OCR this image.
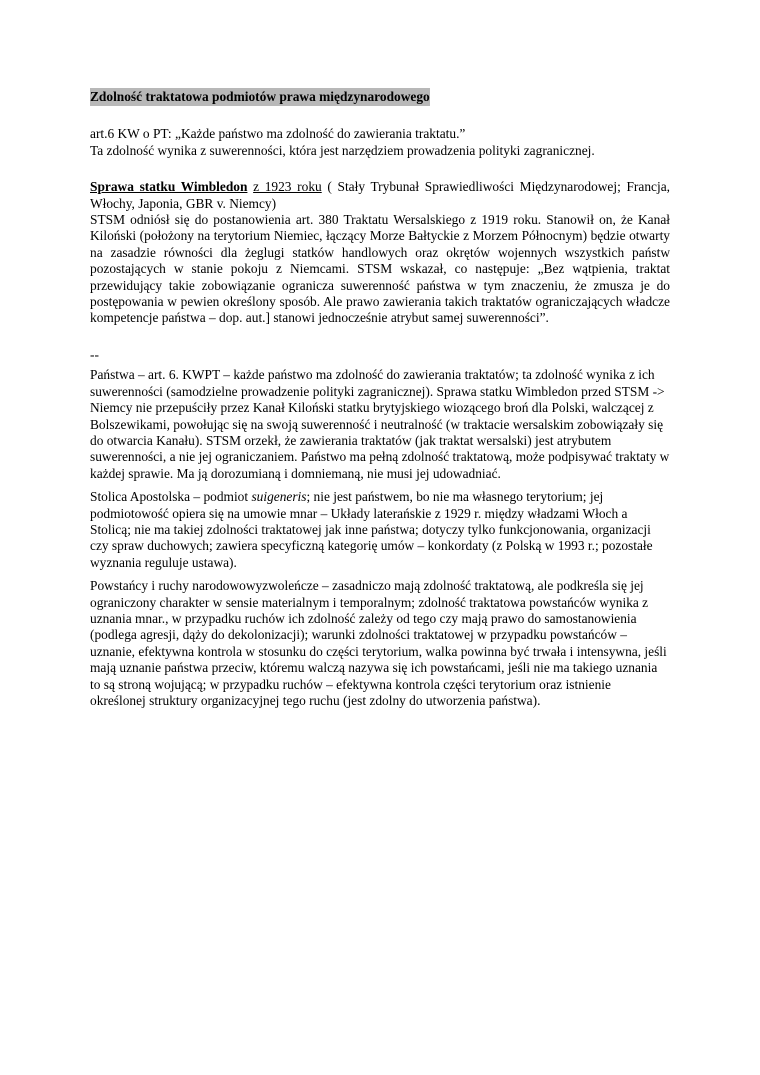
Zdolność traktatowa podmiotów prawa międzynarodowego
art.6 KW o PT: „Każde państwo ma zdolność do zawierania traktatu.”
Ta zdolność wynika z suwerenności, która jest narzędziem prowadzenia polityki zagranicznej.
Sprawa statku Wimbledon z 1923 roku ( Stały Trybunał Sprawiedliwości Międzynarodowej; Francja, Włochy, Japonia, GBR v. Niemcy)
STSM odniósł się do postanowienia art. 380 Traktatu Wersalskiego z 1919 roku. Stanowił on, że Kanał Kiloński (położony na terytorium Niemiec, łączący Morze Bałtyckie z Morzem Północnym) będzie otwarty na zasadzie równości dla żeglugi statków handlowych oraz okrętów wojennych wszystkich państw pozostających w stanie pokoju z Niemcami. STSM wskazał, co następuje: „Bez wątpienia, traktat przewidujący takie zobowiązanie ogranicza suwerenność państwa w tym znaczeniu, że zmusza je do postępowania w pewien określony sposób. Ale prawo zawierania takich traktatów ograniczających władcze kompetencje państwa – dop. aut.] stanowi jednocześnie atrybut samej suwerenności”.
--

Państwa – art. 6. KWPT – każde państwo ma zdolność do zawierania traktatów; ta zdolność wynika z ich suwerenności (samodzielne prowadzenie polityki zagranicznej). Sprawa statku Wimbledon przed STSM -> Niemcy nie przepuściły przez Kanał Kiloński statku brytyjskiego wiozącego broń dla Polski, walczącej z Bolszewikami, powołując się na swoją suwerenność i neutralność (w traktacie wersalskim zobowiązały się do otwarcia Kanału). STSM orzekł, że zawierania traktatów (jak traktat wersalski) jest atrybutem suwerenności, a nie jej ograniczaniem. Państwo ma pełną zdolność traktatową, może podpisywać traktaty w każdej sprawie. Ma ją dorozumianą i domniemaną, nie musi jej udowadniać.

Stolica Apostolska – podmiot suigeneris; nie jest państwem, bo nie ma własnego terytorium; jej podmiotowość opiera się na umowie mnar – Układy laterańskie z 1929 r. między władzami Włoch a Stolicą; nie ma takiej zdolności traktatowej jak inne państwa; dotyczy tylko funkcjonowania, organizacji czy spraw duchowych; zawiera specyficzną kategorię umów – konkordaty (z Polską w 1993 r.; pozostałe wyznania reguluje ustawa).

Powstańcy i ruchy narodowowyzwoleńcze – zasadniczo mają zdolność traktatową, ale podkreśla się jej ograniczony charakter w sensie materialnym i temporalnym; zdolność traktatowa powstańców wynika z uznania mnar., w przypadku ruchów ich zdolność zależy od tego czy mają prawo do samostanowienia (podlega agresji, dąży do dekolonizacji); warunki zdolności traktatowej w przypadku powstańców – uznanie, efektywna kontrola w stosunku do części terytorium, walka powinna być trwała i intensywna, jeśli mają uznanie państwa przeciw, któremu walczą nazywa się ich powstańcami, jeśli nie ma takiego uznania to są stroną wojującą; w przypadku ruchów – efektywna kontrola części terytorium oraz istnienie określonej struktury organizacyjnej tego ruchu (jest zdolny do utworzenia państwa).
